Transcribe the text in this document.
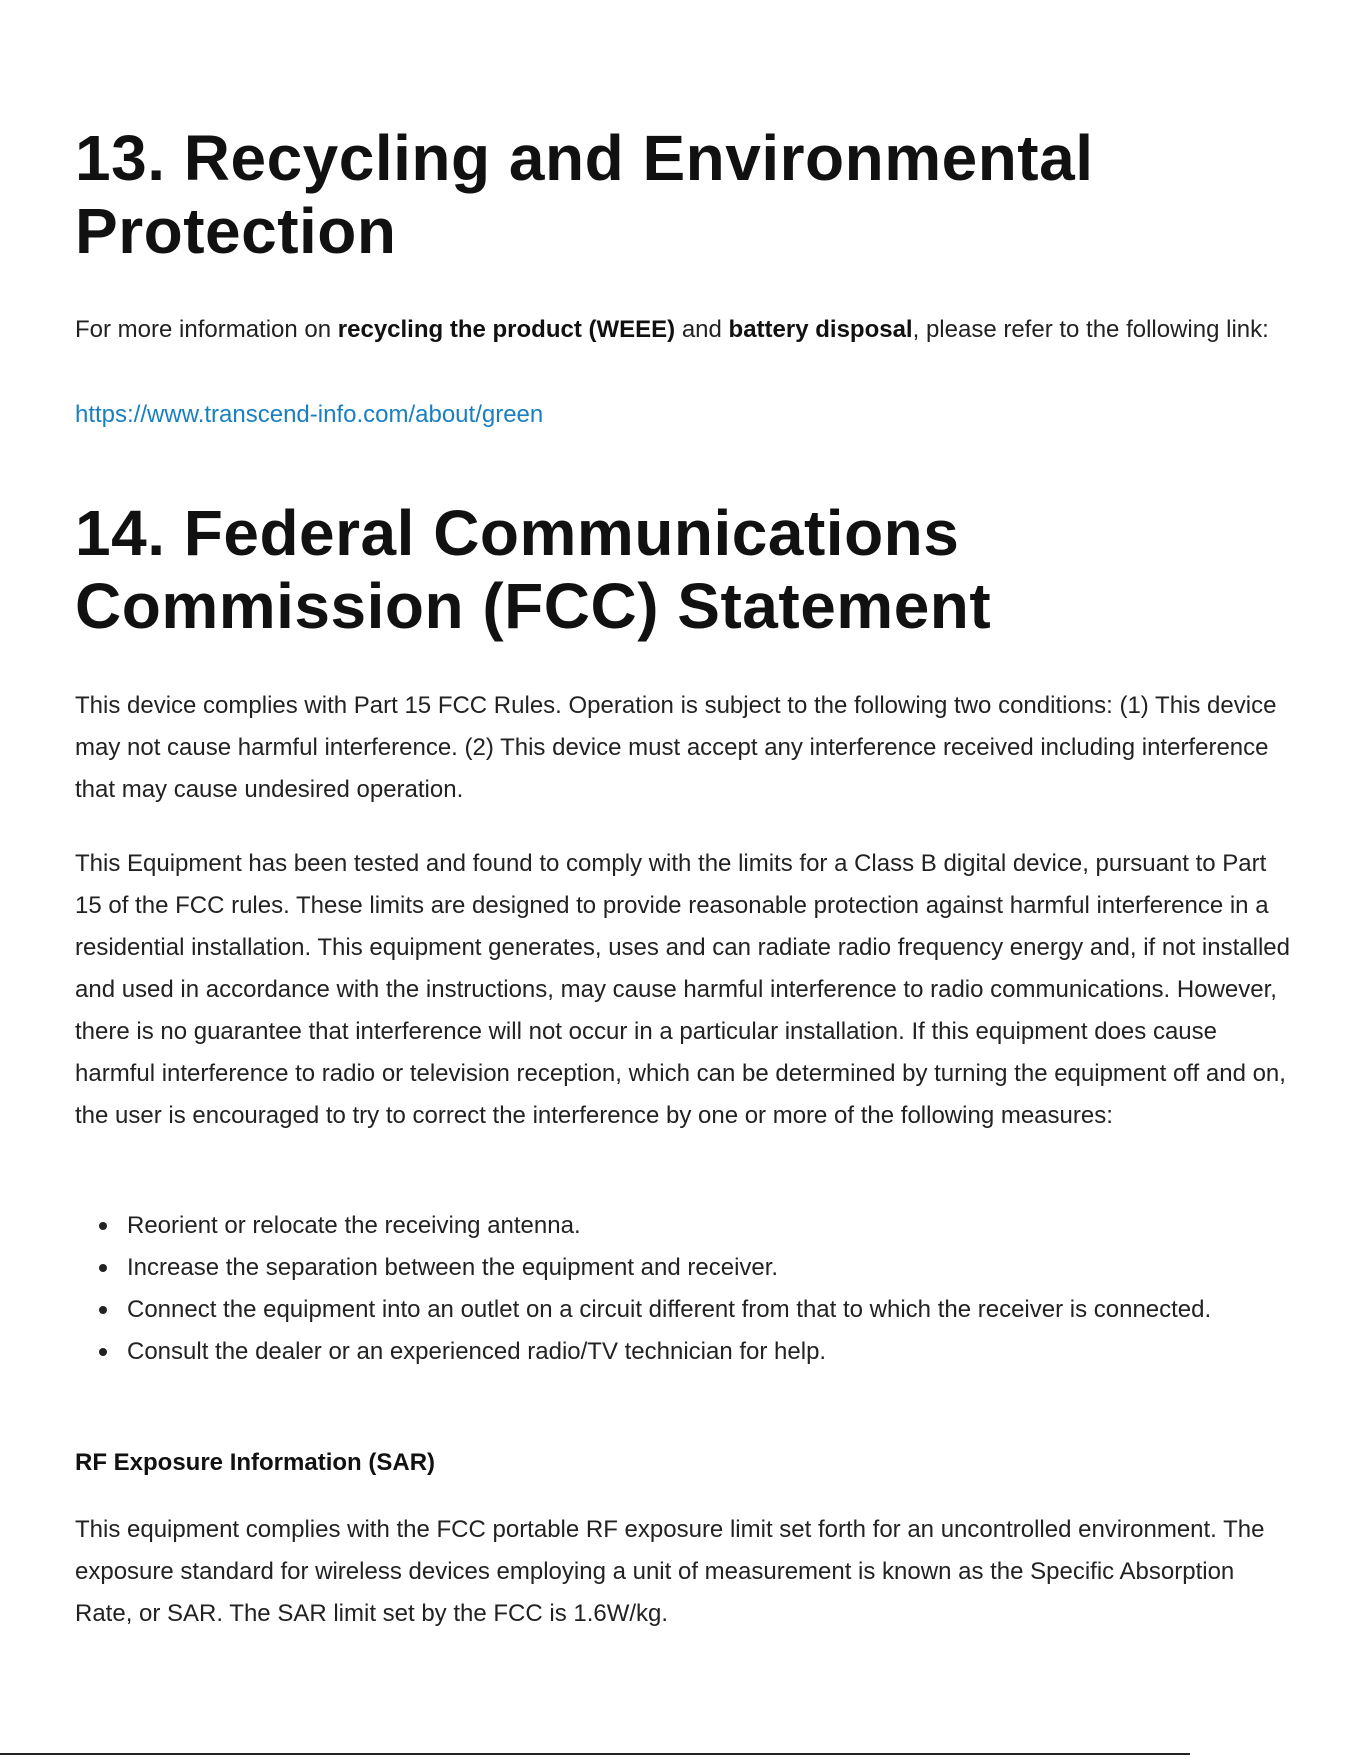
13. Recycling and Environmental Protection

For more information on recycling the product (WEEE) and battery disposal, please refer to the following link:

https://www.transcend-info.com/about/green

14. Federal Communications Commission (FCC) Statement

This device complies with Part 15 FCC Rules. Operation is subject to the following two conditions: (1) This device may not cause harmful interference. (2) This device must accept any interference received including interference that may cause undesired operation.

This Equipment has been tested and found to comply with the limits for a Class B digital device, pursuant to Part 15 of the FCC rules. These limits are designed to provide reasonable protection against harmful interference in a residential installation. This equipment generates, uses and can radiate radio frequency energy and, if not installed and used in accordance with the instructions, may cause harmful interference to radio communications. However, there is no guarantee that interference will not occur in a particular installation. If this equipment does cause harmful interference to radio or television reception, which can be determined by turning the equipment off and on, the user is encouraged to try to correct the interference by one or more of the following measures:

Reorient or relocate the receiving antenna.
Increase the separation between the equipment and receiver.
Connect the equipment into an outlet on a circuit different from that to which the receiver is connected.
Consult the dealer or an experienced radio/TV technician for help.
RF Exposure Information (SAR)

This equipment complies with the FCC portable RF exposure limit set forth for an uncontrolled environment. The exposure standard for wireless devices employing a unit of measurement is known as the Specific Absorption Rate, or SAR. The SAR limit set by the FCC is 1.6W/kg.
